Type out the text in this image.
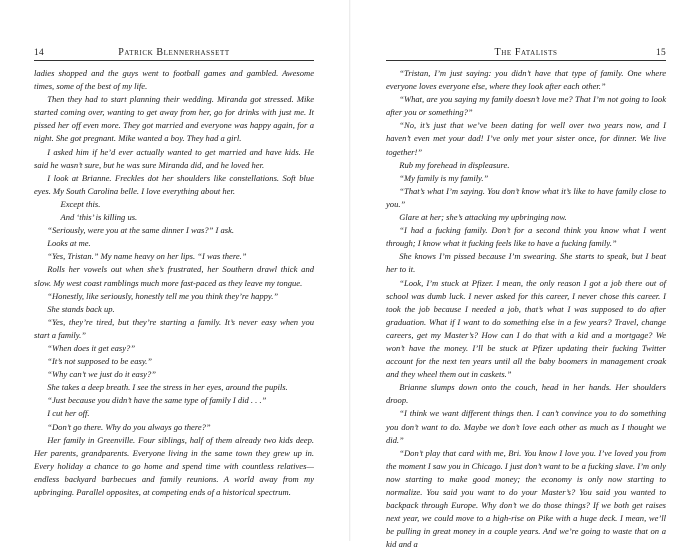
14	Patrick Blennerhassett

ladies shopped and the guys went to football games and gambled. Awesome times, some of the best of my life.

Then they had to start planning their wedding. Miranda got stressed. Mike started coming over, wanting to get away from her, go for drinks with just me. It pissed her off even more. They got married and everyone was happy again, for a night. She got pregnant. Mike wanted a boy. They had a girl.

I asked him if he’d ever actually wanted to get married and have kids. He said he wasn’t sure, but he was sure Miranda did, and he loved her.

I look at Brianne. Freckles dot her shoulders like constellations. Soft blue eyes. My South Carolina belle. I love everything about her.

Except this.

And ‘this’ is killing us.

“Seriously, were you at the same dinner I was?” I ask.

Looks at me.

“Yes, Tristan.” My name heavy on her lips. “I was there.”

Rolls her vowels out when she’s frustrated, her Southern drawl thick and slow. My west coast ramblings much more fast-paced as they leave my tongue.

“Honestly, like seriously, honestly tell me you think they’re happy.”

She stands back up.

“Yes, they’re tired, but they’re starting a family. It’s never easy when you start a family.”

“When does it get easy?”

“It’s not supposed to be easy.”

“Why can’t we just do it easy?”

She takes a deep breath. I see the stress in her eyes, around the pupils.

“Just because you didn’t have the same type of family I did . . .”

I cut her off.

“Don’t go there. Why do you always go there?”

Her family in Greenville. Four siblings, half of them already two kids deep. Her parents, grandparents. Everyone living in the same town they grew up in. Every holiday a chance to go home and spend time with countless relatives—endless backyard barbecues and family reunions. A world away from my upbringing. Parallel opposites, at competing ends of a historical spectrum.

The Fatalists	15

“Tristan, I’m just saying: you didn’t have that type of family. One where everyone loves everyone else, where they look after each other.”

“What, are you saying my family doesn’t love me? That I’m not going to look after you or something?”

“No, it’s just that we’ve been dating for well over two years now, and I haven’t even met your dad! I’ve only met your sister once, for dinner. We live together!”

Rub my forehead in displeasure.

“My family is my family.”

“That’s what I’m saying. You don’t know what it’s like to have family close to you.”

Glare at her; she’s attacking my upbringing now.

“I had a fucking family. Don’t for a second think you know what I went through; I know what it fucking feels like to have a fucking family.”

She knows I’m pissed because I’m swearing. She starts to speak, but I beat her to it.

“Look, I’m stuck at Pfizer. I mean, the only reason I got a job there out of school was dumb luck. I never asked for this career, I never chose this career. I took the job because I needed a job, that’s what I was supposed to do after graduation. What if I want to do something else in a few years? Travel, change careers, get my Master’s? How can I do that with a kid and a mortgage? We won’t have the money. I’ll be stuck at Pfizer updating their fucking Twitter account for the next ten years until all the baby boomers in management croak and they wheel them out in caskets.”

Brianne slumps down onto the couch, head in her hands. Her shoulders droop.

“I think we want different things then. I can’t convince you to do something you don’t want to do. Maybe we don’t love each other as much as I thought we did.”

“Don’t play that card with me, Bri. You know I love you. I’ve loved you from the moment I saw you in Chicago. I just don’t want to be a fucking slave. I’m only now starting to make good money; the economy is only now starting to normalize. You said you want to do your Master’s? You said you wanted to backpack through Europe. Why don’t we do those things? If we both get raises next year, we could move to a high-rise on Pike with a huge deck. I mean, we’ll be pulling in great money in a couple years. And we’re going to waste that on a kid and a
